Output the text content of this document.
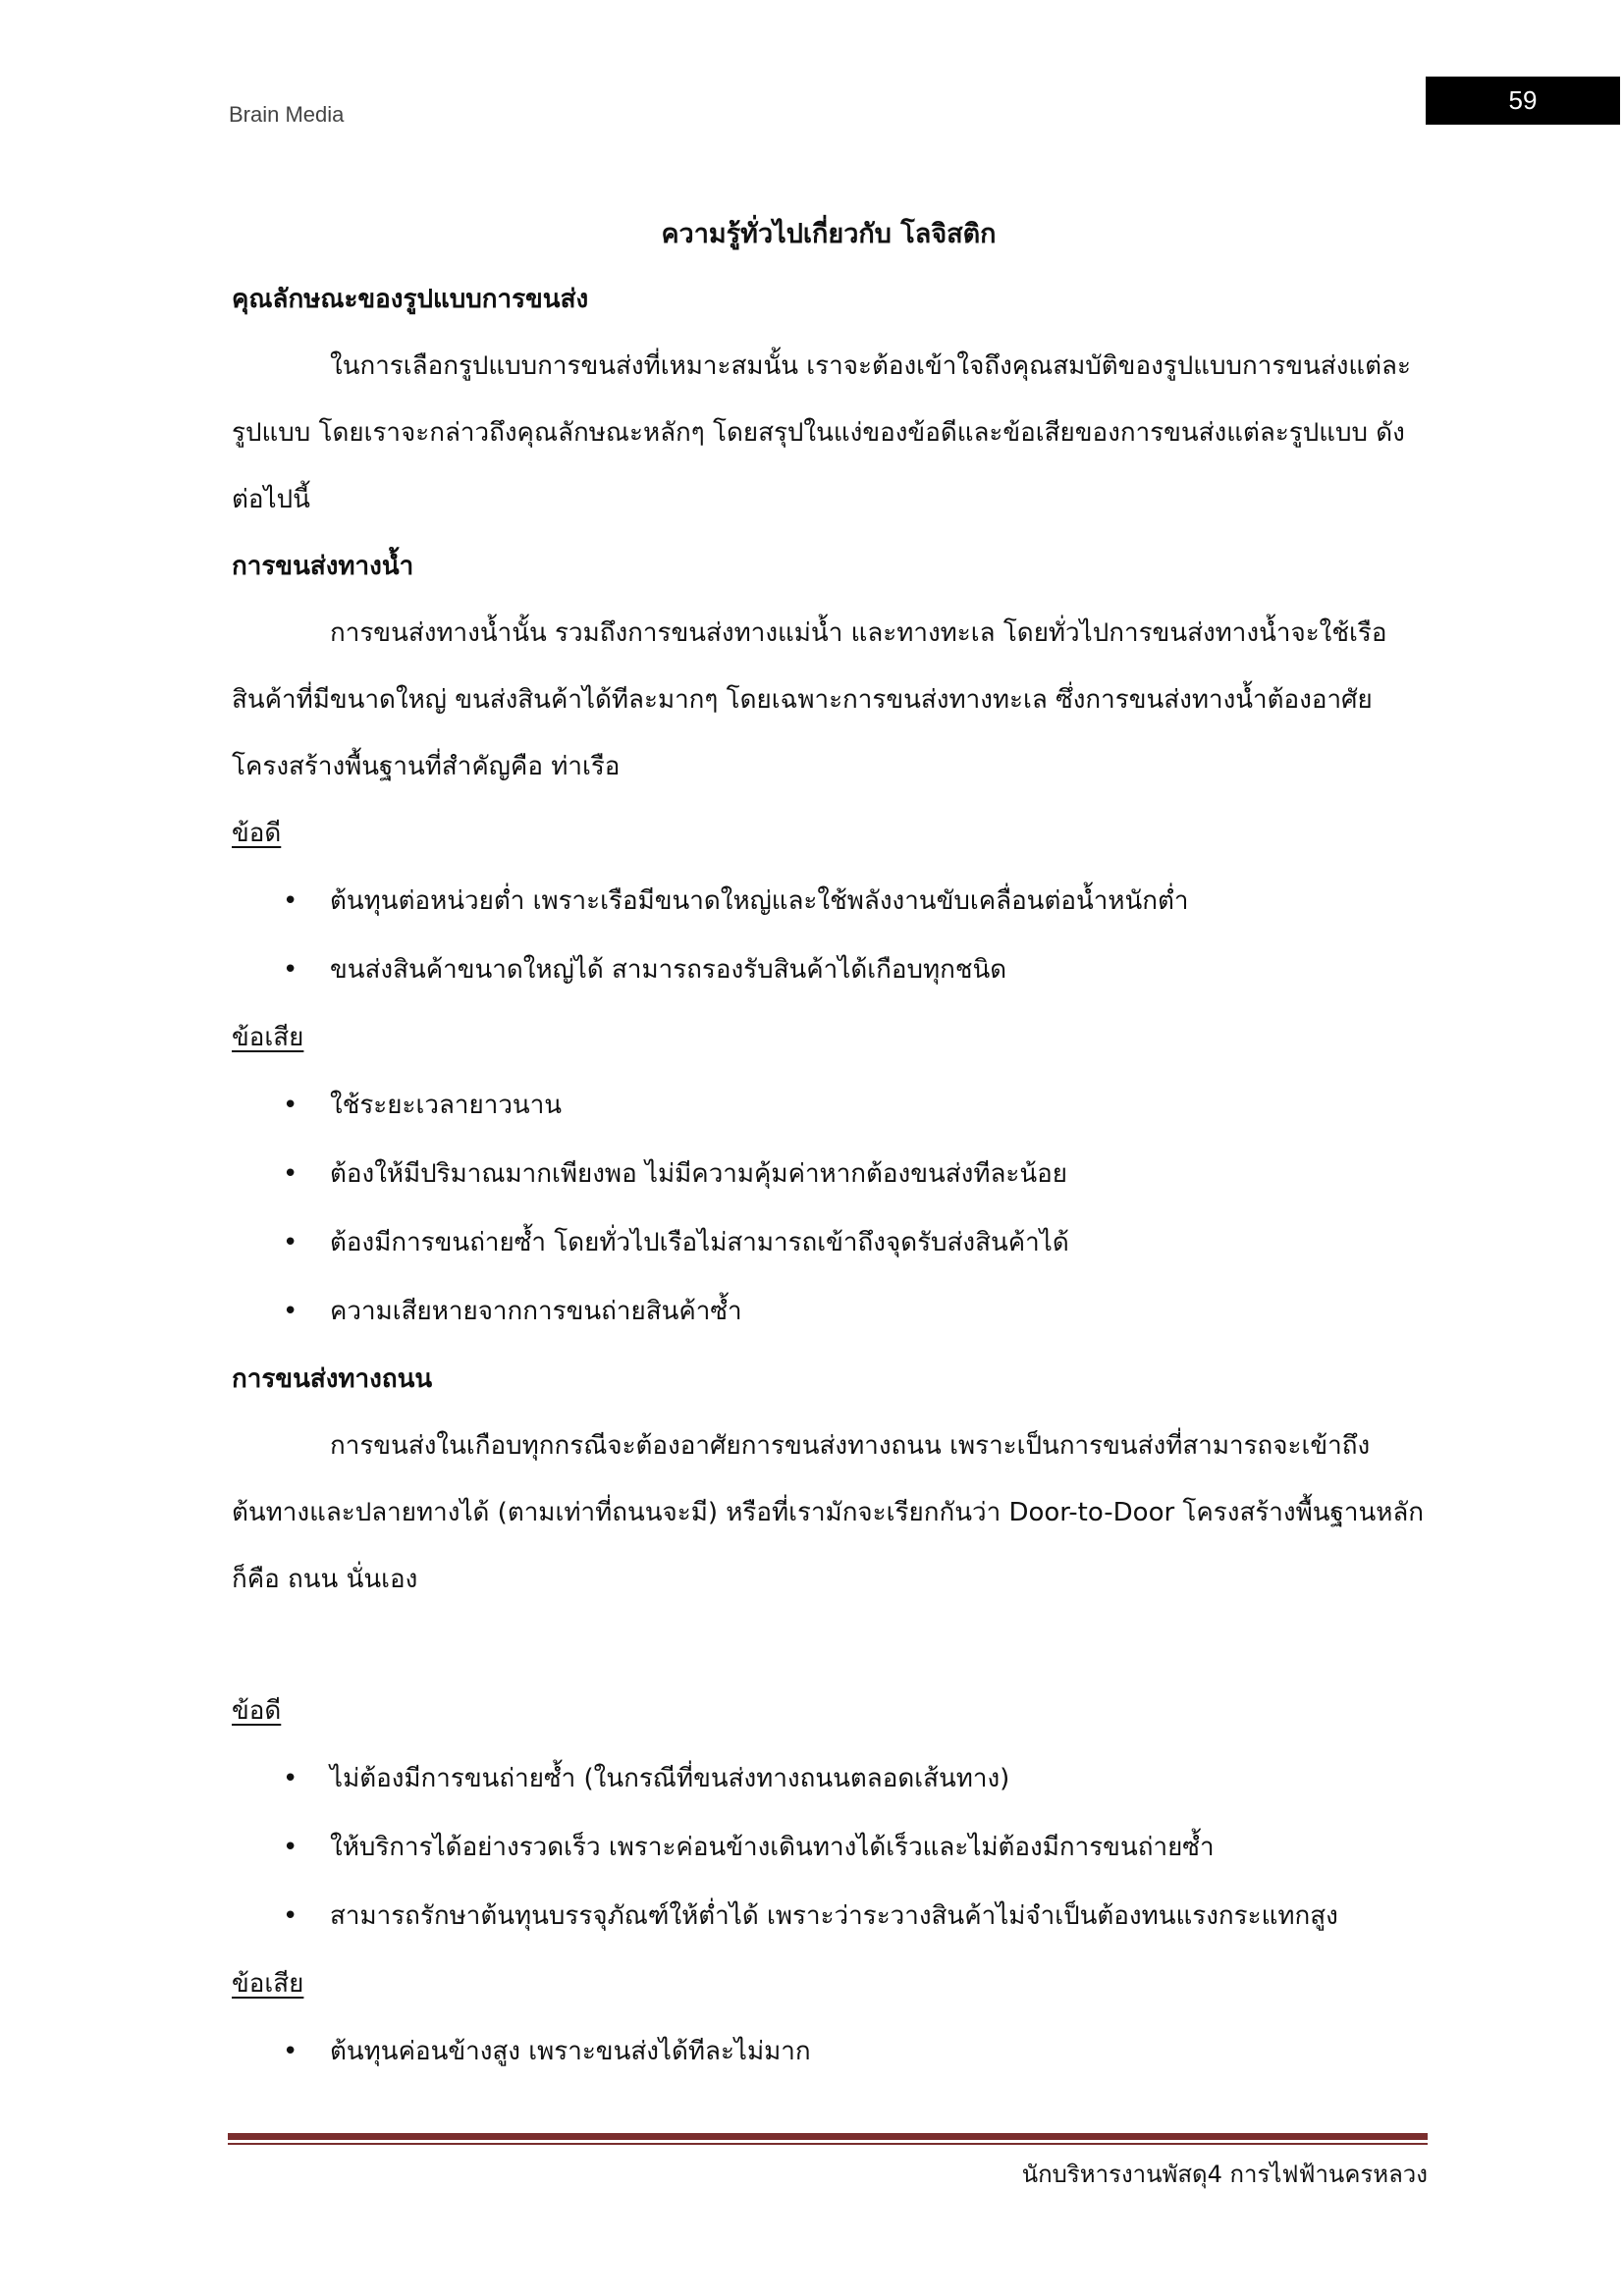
Brain Media	59
ความรู้ทั่วไปเกี่ยวกับ โลจิสติก
คุณลักษณะของรูปแบบการขนส่ง
ในการเลือกรูปแบบการขนส่งที่เหมาะสมนั้น เราจะต้องเข้าใจถึงคุณสมบัติของรูปแบบการขนส่งแต่ละรูปแบบ โดยเราจะกล่าวถึงคุณลักษณะหลักๆ โดยสรุปในแง่ของข้อดีและข้อเสียของการขนส่งแต่ละรูปแบบ ดังต่อไปนี้
การขนส่งทางน้ำ
การขนส่งทางน้ำนั้น รวมถึงการขนส่งทางแม่น้ำ และทางทะเล โดยทั่วไปการขนส่งทางน้ำจะใช้เรือสินค้าที่มีขนาดใหญ่ ขนส่งสินค้าได้ทีละมากๆ โดยเฉพาะการขนส่งทางทะเล ซึ่งการขนส่งทางน้ำต้องอาศัยโครงสร้างพื้นฐานที่สำคัญคือ ท่าเรือ
ข้อดี
• ต้นทุนต่อหน่วยต่ำ เพราะเรือมีขนาดใหญ่และใช้พลังงานขับเคลื่อนต่อน้ำหนักต่ำ
• ขนส่งสินค้าขนาดใหญ่ได้ สามารถรองรับสินค้าได้เกือบทุกชนิด
ข้อเสีย
• ใช้ระยะเวลายาวนาน
• ต้องให้มีปริมาณมากเพียงพอ ไม่มีความคุ้มค่าหากต้องขนส่งทีละน้อย
• ต้องมีการขนถ่ายซ้ำ โดยทั่วไปเรือไม่สามารถเข้าถึงจุดรับส่งสินค้าได้
• ความเสียหายจากการขนถ่ายสินค้าซ้ำ
การขนส่งทางถนน
การขนส่งในเกือบทุกกรณีจะต้องอาศัยการขนส่งทางถนน เพราะเป็นการขนส่งที่สามารถจะเข้าถึงต้นทางและปลายทางได้ (ตามเท่าที่ถนนจะมี) หรือที่เรามักจะเรียกกันว่า Door-to-Door โครงสร้างพื้นฐานหลักก็คือ ถนน นั่นเอง
ข้อดี
• ไม่ต้องมีการขนถ่ายซ้ำ (ในกรณีที่ขนส่งทางถนนตลอดเส้นทาง)
• ให้บริการได้อย่างรวดเร็ว เพราะค่อนข้างเดินทางได้เร็วและไม่ต้องมีการขนถ่ายซ้ำ
• สามารถรักษาต้นทุนบรรจุภัณฑ์ให้ต่ำได้ เพราะว่าระวางสินค้าไม่จำเป็นต้องทนแรงกระแทกสูง
ข้อเสีย
• ต้นทุนค่อนข้างสูง เพราะขนส่งได้ทีละไม่มาก
นักบริหารงานพัสดุ4 การไฟฟ้านครหลวง
